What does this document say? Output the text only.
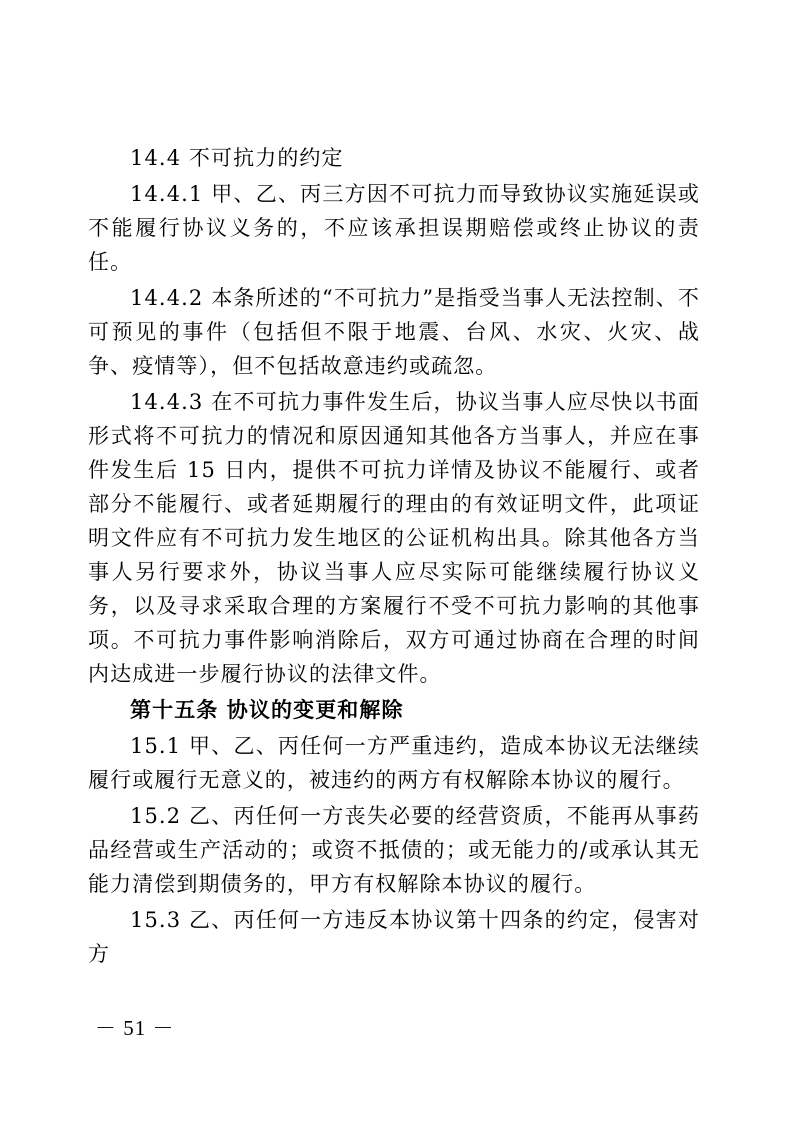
14.4 不可抗力的约定

14.4.1 甲、乙、丙三方因不可抗力而导致协议实施延误或不能履行协议义务的，不应该承担误期赔偿或终止协议的责任。

14.4.2 本条所述的“不可抗力”是指受当事人无法控制、不可预见的事件（包括但不限于地震、台风、水灾、火灾、战争、疫情等），但不包括故意违约或疏忽。

14.4.3 在不可抗力事件发生后，协议当事人应尽快以书面形式将不可抗力的情况和原因通知其他各方当事人，并应在事件发生后 15 日内，提供不可抗力详情及协议不能履行、或者部分不能履行、或者延期履行的理由的有效证明文件，此项证明文件应有不可抗力发生地区的公证机构出具。除其他各方当事人另行要求外，协议当事人应尽实际可能继续履行协议义务，以及寻求采取合理的方案履行不受不可抗力影响的其他事项。不可抗力事件影响消除后，双方可通过协商在合理的时间内达成进一步履行协议的法律文件。

第十五条 协议的变更和解除

15.1 甲、乙、丙任何一方严重违约，造成本协议无法继续履行或履行无意义的，被违约的两方有权解除本协议的履行。

15.2 乙、丙任何一方丧失必要的经营资质，不能再从事药品经营或生产活动的；或资不抵债的；或无能力的/或承认其无能力清偿到期债务的，甲方有权解除本协议的履行。

15.3 乙、丙任何一方违反本协议第十四条的约定，侵害对方

－ 51 －
